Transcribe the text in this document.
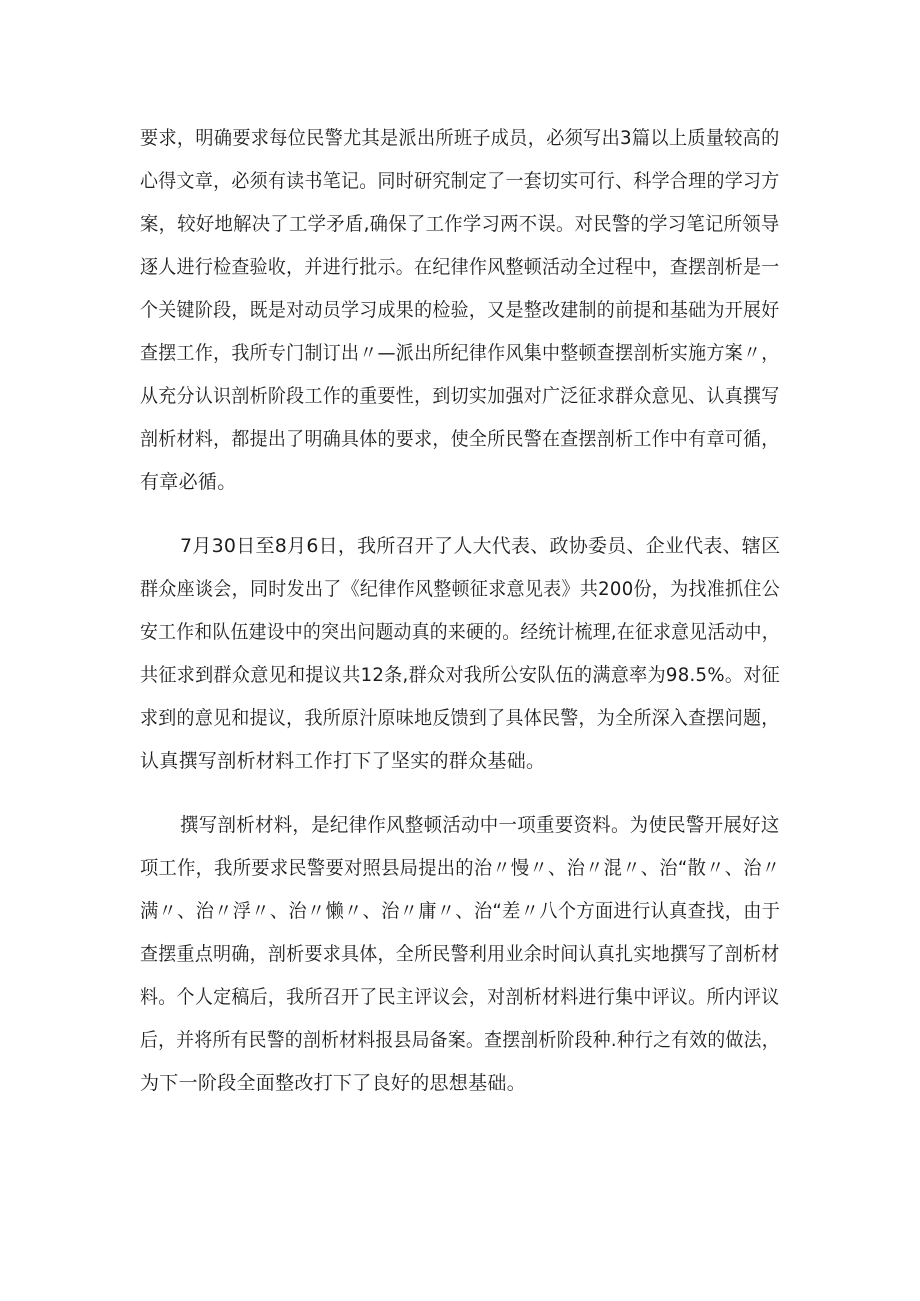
要求，明确要求每位民警尤其是派出所班子成员，必须写出3篇以上质量较高的
心得文章，必须有读书笔记。同时研究制定了一套切实可行、科学合理的学习方
案，较好地解决了工学矛盾,确保了工作学习两不误。对民警的学习笔记所领导
逐人进行检查验收，并进行批示。在纪律作风整顿活动全过程中，查摆剖析是一
个关键阶段，既是对动员学习成果的检验，又是整改建制的前提和基础为开展好
查摆工作，我所专门制订出〃—派出所纪律作风集中整顿查摆剖析实施方案〃，
从充分认识剖析阶段工作的重要性，到切实加强对广泛征求群众意见、认真撰写
剖析材料，都提出了明确具体的要求，使全所民警在查摆剖析工作中有章可循，
有章必循。
7月30日至8月6日，我所召开了人大代表、政协委员、企业代表、辖区
群众座谈会，同时发出了《纪律作风整顿征求意见表》共200份，为找准抓住公
安工作和队伍建设中的突出问题动真的来硬的。经统计梳理,在征求意见活动中，
共征求到群众意见和提议共12条,群众对我所公安队伍的满意率为98.5%。对征
求到的意见和提议，我所原汁原味地反馈到了具体民警，为全所深入查摆问题，
认真撰写剖析材料工作打下了坚实的群众基础。
撰写剖析材料，是纪律作风整顿活动中一项重要资料。为使民警开展好这
项工作，我所要求民警要对照县局提出的治〃慢〃、治〃混〃、治“散〃、治〃
满〃、治〃浮〃、治〃懒〃、治〃庸〃、治“差〃八个方面进行认真查找，由于
查摆重点明确，剖析要求具体，全所民警利用业余时间认真扎实地撰写了剖析材
料。个人定稿后，我所召开了民主评议会，对剖析材料进行集中评议。所内评议
后，并将所有民警的剖析材料报县局备案。查摆剖析阶段种.种行之有效的做法，
为下一阶段全面整改打下了良好的思想基础。
